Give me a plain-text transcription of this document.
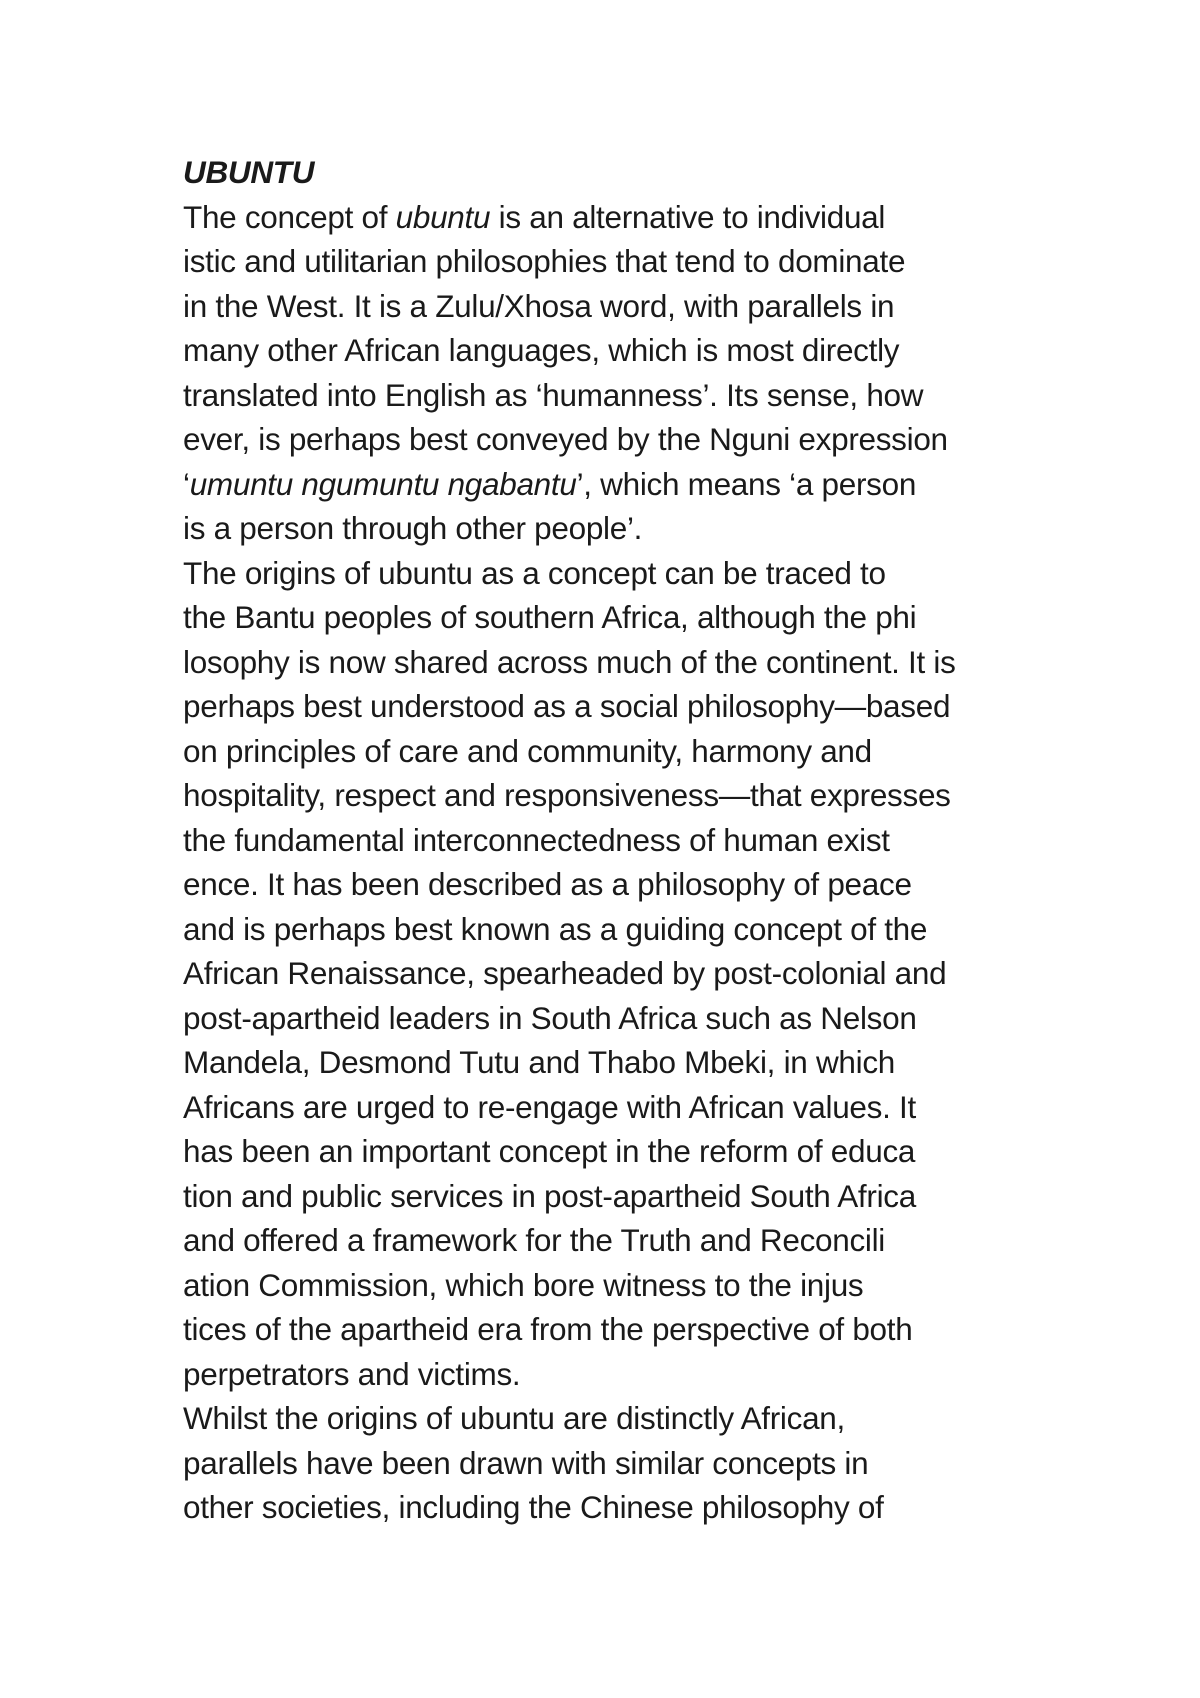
UBUNTU
The concept of ubuntu is an alternative to individual
istic and utilitarian philosophies that tend to dominate
in the West. It is a Zulu/Xhosa word, with parallels in
many other African languages, which is most directly
translated into English as ‘humanness’. Its sense, how
ever, is perhaps best conveyed by the Nguni expression
‘umuntu ngumuntu ngabantu’, which means ‘a person
is a person through other people’.
The origins of ubuntu as a concept can be traced to
the Bantu peoples of southern Africa, although the phi
losophy is now shared across much of the continent. It is
perhaps best understood as a social philosophy—based
on principles of care and community, harmony and
hospitality, respect and responsiveness—that expresses
the fundamental interconnectedness of human exist
ence. It has been described as a philosophy of peace
and is perhaps best known as a guiding concept of the
African Renaissance, spearheaded by post-colonial and
post-apartheid leaders in South Africa such as Nelson
Mandela, Desmond Tutu and Thabo Mbeki, in which
Africans are urged to re-engage with African values. It
has been an important concept in the reform of educa
tion and public services in post-apartheid South Africa
and offered a framework for the Truth and Reconcili
ation Commission, which bore witness to the injus
tices of the apartheid era from the perspective of both
perpetrators and victims.
Whilst the origins of ubuntu are distinctly African,
parallels have been drawn with similar concepts in
other societies, including the Chinese philosophy of
